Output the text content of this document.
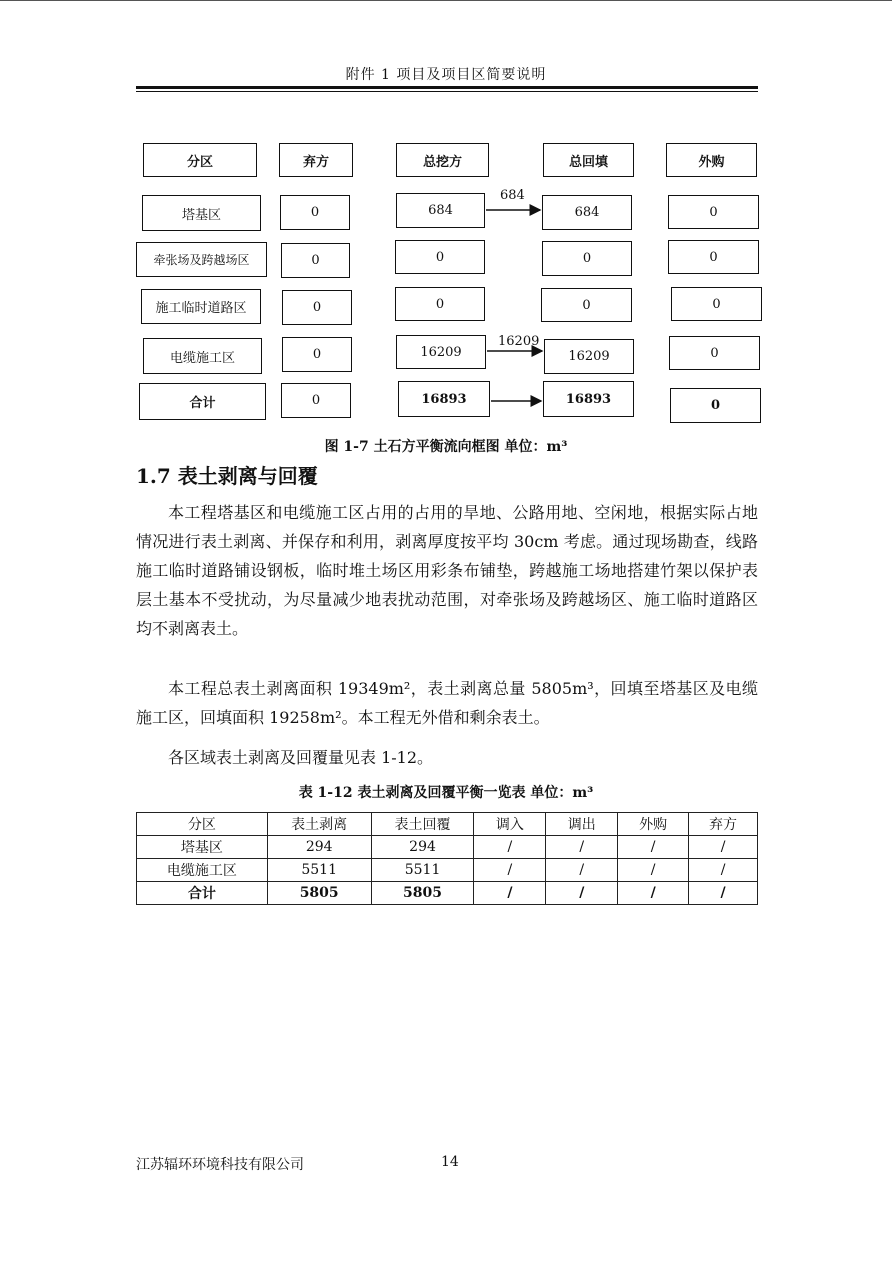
附件 1 项目及项目区简要说明
分区	弃方	总挖方	总回填	外购
塔基区	0	684	684	0
684
牵张场及跨越场区	0	0	0	0
施工临时道路区	0	0	0	0
电缆施工区	0	16209	16209	0
16209
合计	0	16893	16893	0
图 1-7 土石方平衡流向框图 单位：m³
1.7 表土剥离与回覆

本工程塔基区和电缆施工区占用的占用的旱地、公路用地、空闲地，根据实际占地情况进行表土剥离、并保存和利用，剥离厚度按平均 30cm 考虑。通过现场勘查，线路施工临时道路铺设钢板，临时堆土场区用彩条布铺垫，跨越施工场地搭建竹架以保护表层土基本不受扰动，为尽量减少地表扰动范围，对牵张场及跨越场区、施工临时道路区均不剥离表土。

本工程总表土剥离面积 19349m²，表土剥离总量 5805m³，回填至塔基区及电缆施工区，回填面积 19258m²。本工程无外借和剩余表土。

各区域表土剥离及回覆量见表 1-12。

表 1-12 表土剥离及回覆平衡一览表 单位：m³
分区	表土剥离	表土回覆	调入	调出	外购	弃方
塔基区	294	294	/	/	/	/
电缆施工区	5511	5511	/	/	/	/
合计	5805	5805	/	/	/	/
江苏辐环环境科技有限公司	14
